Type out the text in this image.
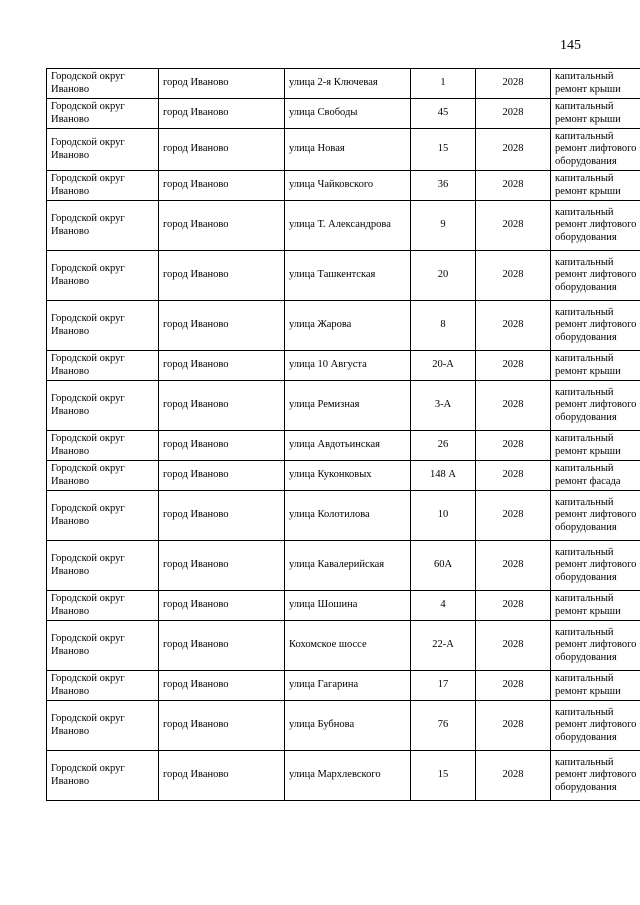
145
Городской округ Иваново	город Иваново	улица 2-я Ключевая	1	2028	капитальный ремонт крыши
Городской округ Иваново	город Иваново	улица Свободы	45	2028	капитальный ремонт крыши
Городской округ Иваново	город Иваново	улица Новая	15	2028	капитальный ремонт лифтового оборудования
Городской округ Иваново	город Иваново	улица Чайковского	36	2028	капитальный ремонт крыши
Городской округ Иваново	город Иваново	улица Т. Александрова	9	2028	капитальный ремонт лифтового оборудования
Городской округ Иваново	город Иваново	улица Ташкентская	20	2028	капитальный ремонт лифтового оборудования
Городской округ Иваново	город Иваново	улица Жарова	8	2028	капитальный ремонт лифтового оборудования
Городской округ Иваново	город Иваново	улица 10 Августа	20-А	2028	капитальный ремонт крыши
Городской округ Иваново	город Иваново	улица Ремизная	3-А	2028	капитальный ремонт лифтового оборудования
Городской округ Иваново	город Иваново	улица Авдотьинская	26	2028	капитальный ремонт крыши
Городской округ Иваново	город Иваново	улица Куконковых	148 А	2028	капитальный ремонт фасада
Городской округ Иваново	город Иваново	улица Колотилова	10	2028	капитальный ремонт лифтового оборудования
Городской округ Иваново	город Иваново	улица Кавалерийская	60А	2028	капитальный ремонт лифтового оборудования
Городской округ Иваново	город Иваново	улица Шошина	4	2028	капитальный ремонт крыши
Городской округ Иваново	город Иваново	Кохомское шоссе	22-А	2028	капитальный ремонт лифтового оборудования
Городской округ Иваново	город Иваново	улица Гагарина	17	2028	капитальный ремонт крыши
Городской округ Иваново	город Иваново	улица Бубнова	76	2028	капитальный ремонт лифтового оборудования
Городской округ Иваново	город Иваново	улица Мархлевского	15	2028	капитальный ремонт лифтового оборудования
